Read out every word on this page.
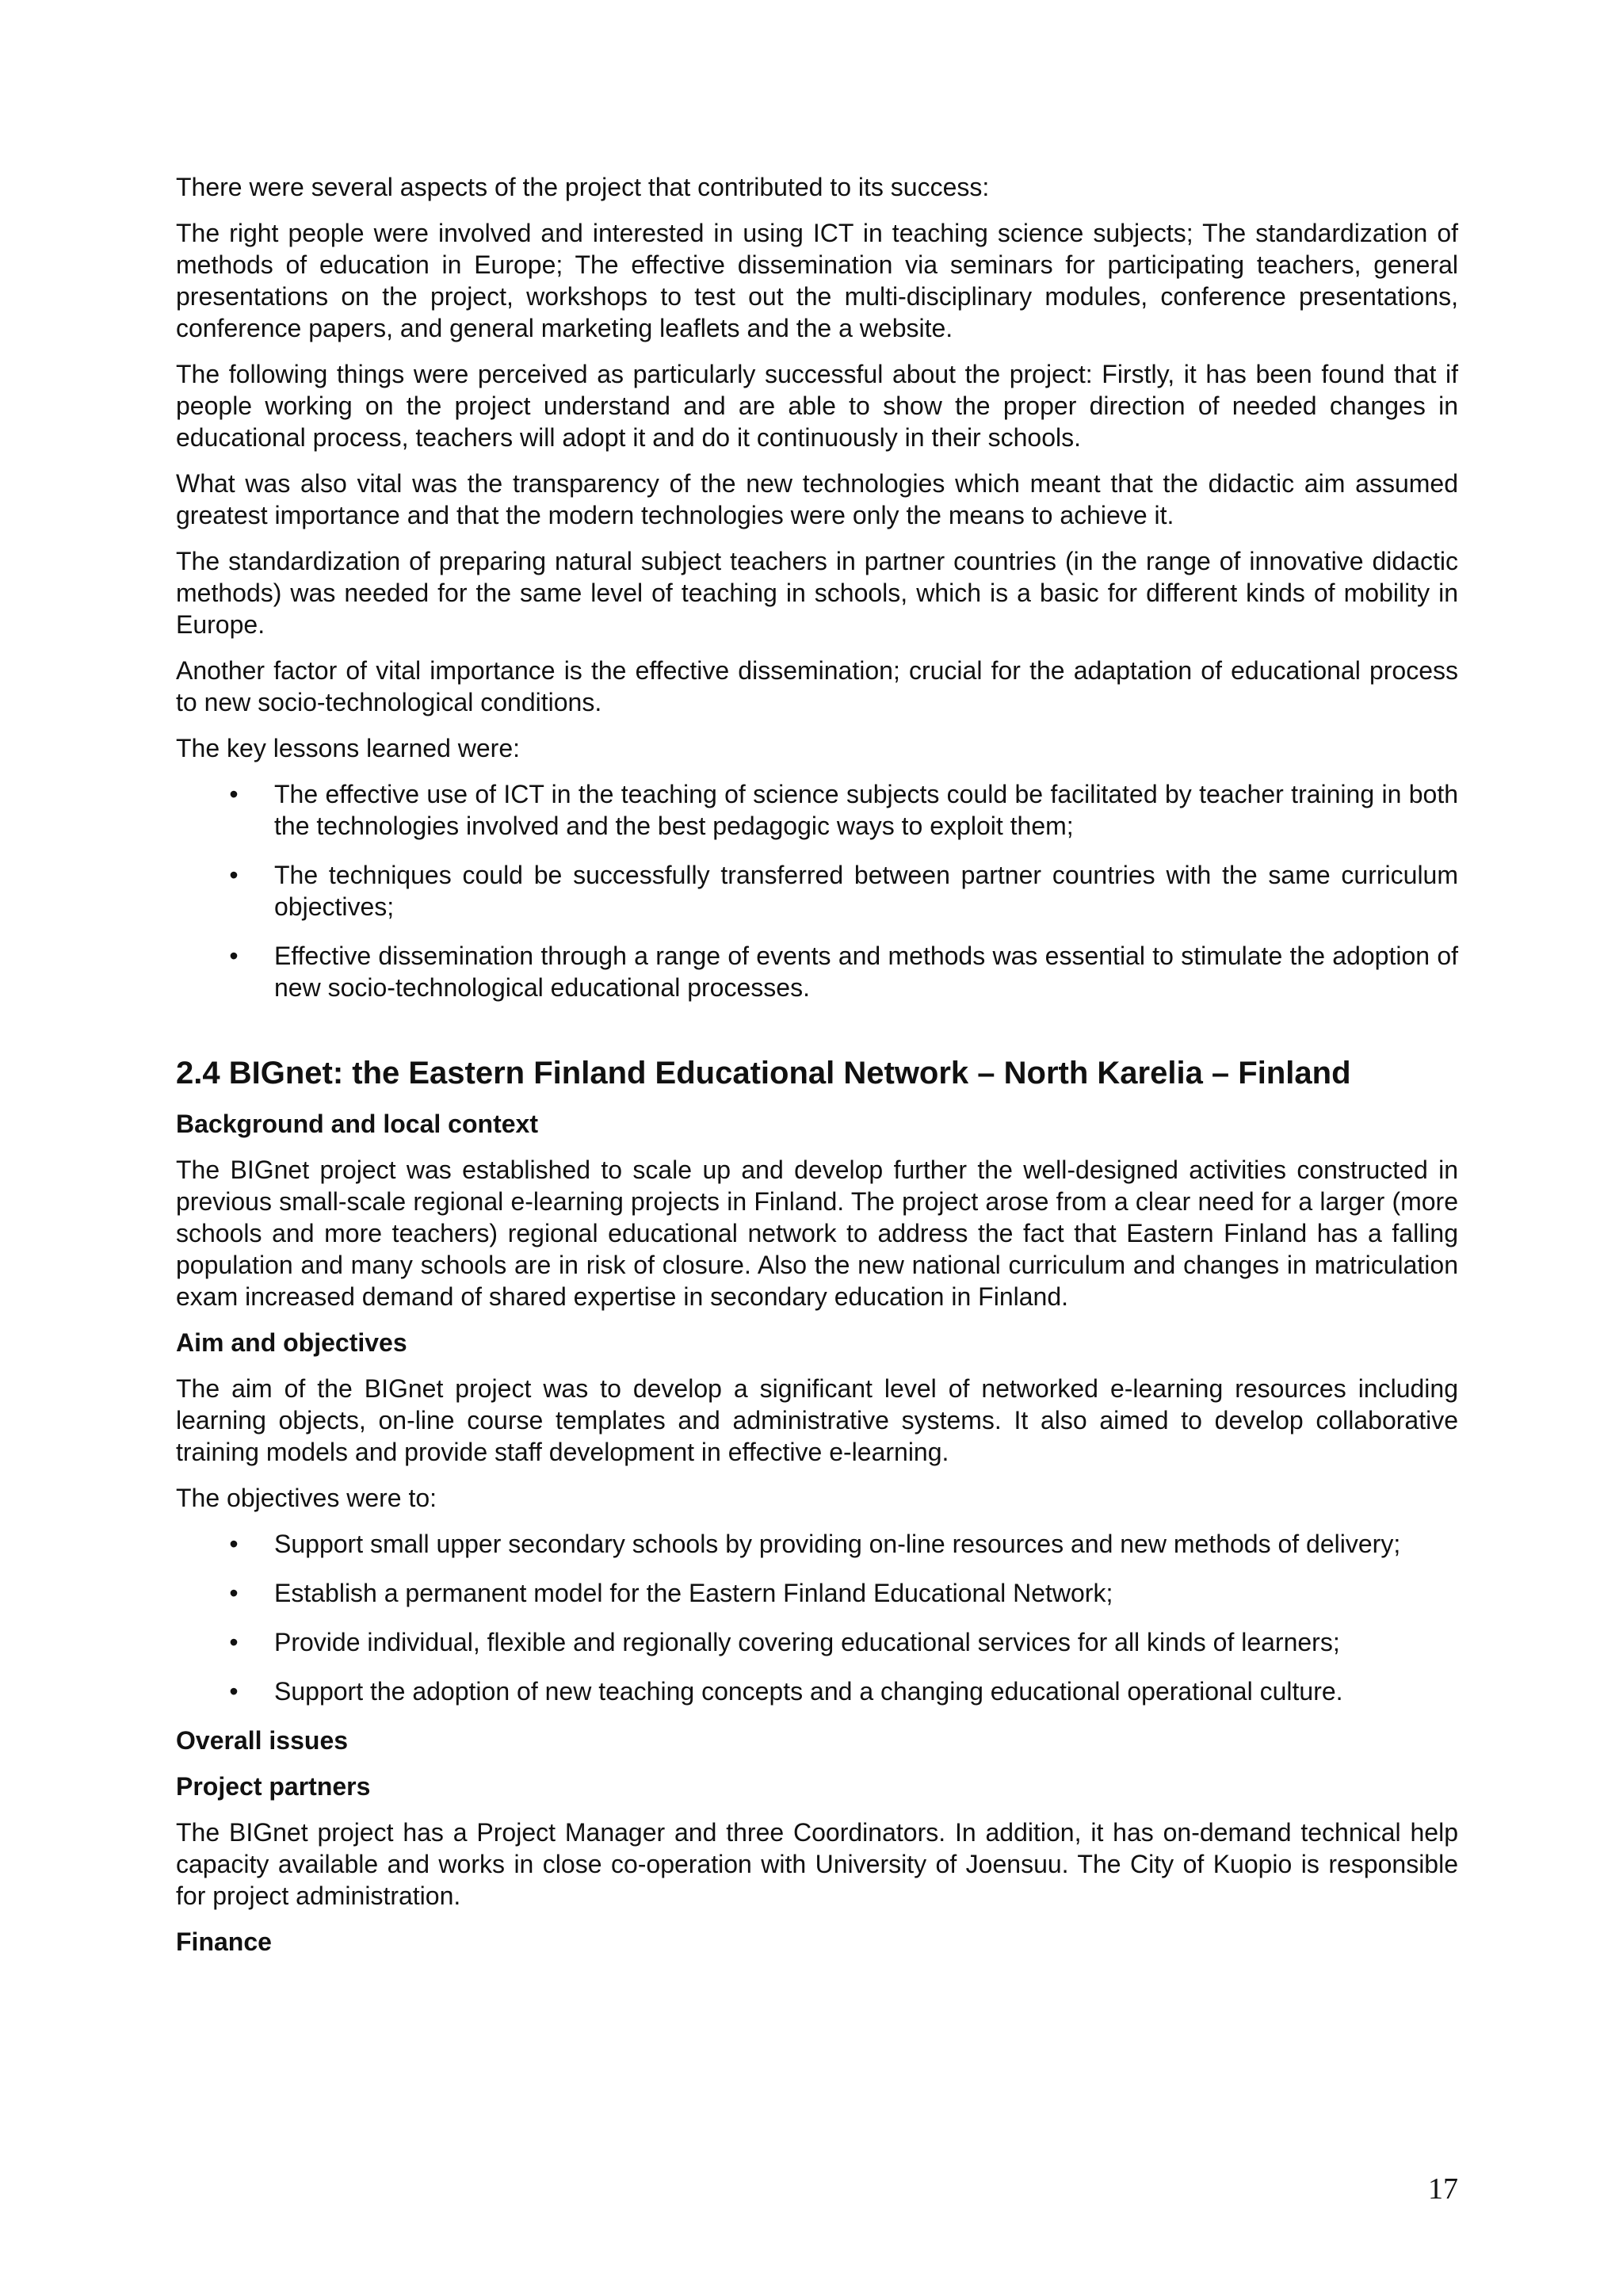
There were several aspects of the project that contributed to its success:

The right people were involved and interested in using ICT in teaching science subjects; The standardization of methods of education in Europe; The effective dissemination via seminars for participating teachers, general presentations on the project, workshops to test out the multi-disciplinary modules, conference presentations, conference papers, and general marketing leaflets and the a website.

The following things were perceived as particularly successful about the project: Firstly, it has been found that if people working on the project understand and are able to show the proper direction of needed changes in educational process, teachers will adopt it and do it continuously in their schools.

What was also vital was the transparency of the new technologies which meant that the didactic aim assumed greatest importance and that the modern technologies were only the means to achieve it.

The standardization of preparing natural subject teachers in partner countries (in the range of innovative didactic methods) was needed for the same level of teaching in schools, which is a basic for different kinds of mobility in Europe.

Another factor of vital importance is the effective dissemination; crucial for the adaptation of educational process to new socio-technological conditions.

The key lessons learned were:

• The effective use of ICT in the teaching of science subjects could be facilitated by teacher training in both the technologies involved and the best pedagogic ways to exploit them;
• The techniques could be successfully transferred between partner countries with the same curriculum objectives;
• Effective dissemination through a range of events and methods was essential to stimulate the adoption of new socio-technological educational processes.
2.4 BIGnet: the Eastern Finland Educational Network – North Karelia – Finland
Background and local context

The BIGnet project was established to scale up and develop further the well-designed activities constructed in previous small-scale regional e-learning projects in Finland. The project arose from a clear need for a larger (more schools and more teachers) regional educational network to address the fact that Eastern Finland has a falling population and many schools are in risk of closure. Also the new national curriculum and changes in matriculation exam increased demand of shared expertise in secondary education in Finland.

Aim and objectives

The aim of the BIGnet project was to develop a significant level of networked e-learning resources including learning objects, on-line course templates and administrative systems. It also aimed to develop collaborative training models and provide staff development in effective e-learning.

The objectives were to:

• Support small upper secondary schools by providing on-line resources and new methods of delivery;
• Establish a permanent model for the Eastern Finland Educational Network;
• Provide individual, flexible and regionally covering educational services for all kinds of learners;
• Support the adoption of new teaching concepts and a changing educational operational culture.
Overall issues
Project partners

The BIGnet project has a Project Manager and three Coordinators. In addition, it has on-demand technical help capacity available and works in close co-operation with University of Joensuu. The City of Kuopio is responsible for project administration.

Finance
17
